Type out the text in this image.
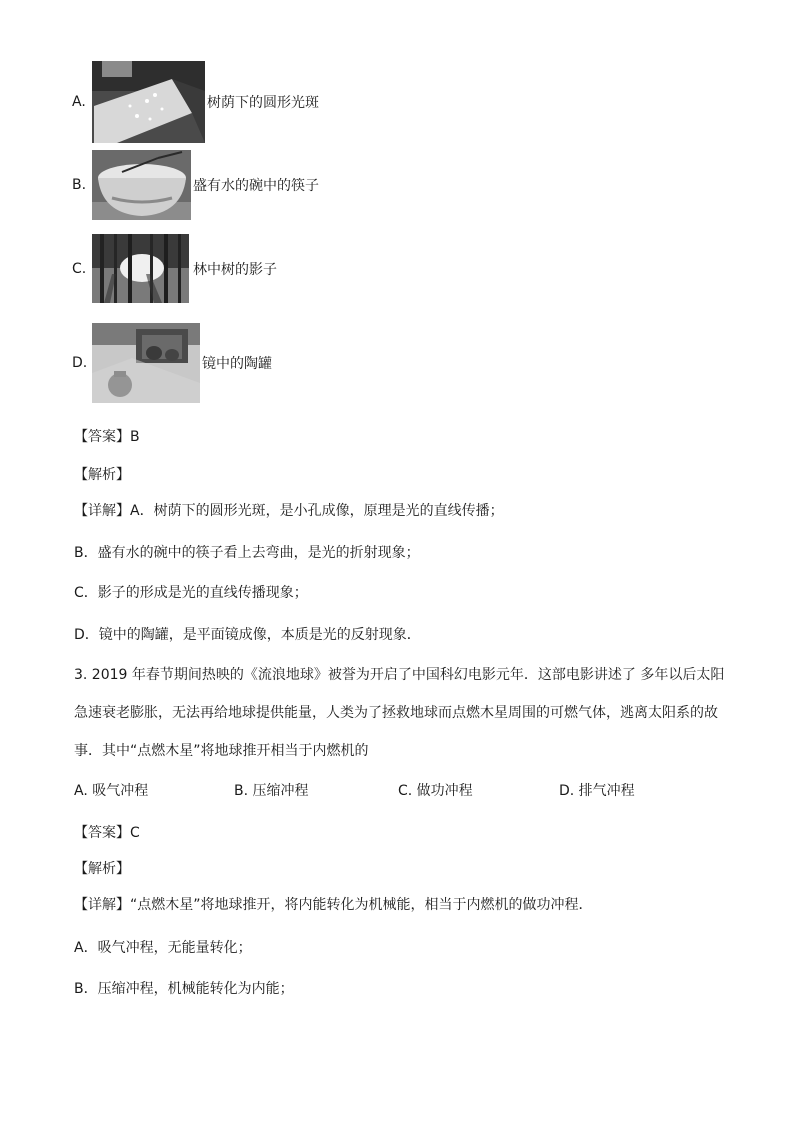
A.	树荫下的圆形光斑
B.	盛有水的碗中的筷子
C.	林中树的影子
D.	镜中的陶罐
【答案】B
【解析】
【详解】A．树荫下的圆形光斑，是小孔成像，原理是光的直线传播；
B．盛有水的碗中的筷子看上去弯曲，是光的折射现象；
C．影子的形成是光的直线传播现象；
D．镜中的陶罐，是平面镜成像，本质是光的反射现象．
3. 2019 年春节期间热映的《流浪地球》被誉为开启了中国科幻电影元年．这部电影讲述了 多年以后太阳
急速衰老膨胀，无法再给地球提供能量，人类为了拯救地球而点燃木星周围的可燃气体，逃离太阳系的故
事．其中“点燃木星”将地球推开相当于内燃机的
A. 吸气冲程	B. 压缩冲程	C. 做功冲程	D. 排气冲程
【答案】C
【解析】
【详解】“点燃木星”将地球推开，将内能转化为机械能，相当于内燃机的做功冲程．
A．吸气冲程，无能量转化；
B．压缩冲程，机械能转化为内能；
